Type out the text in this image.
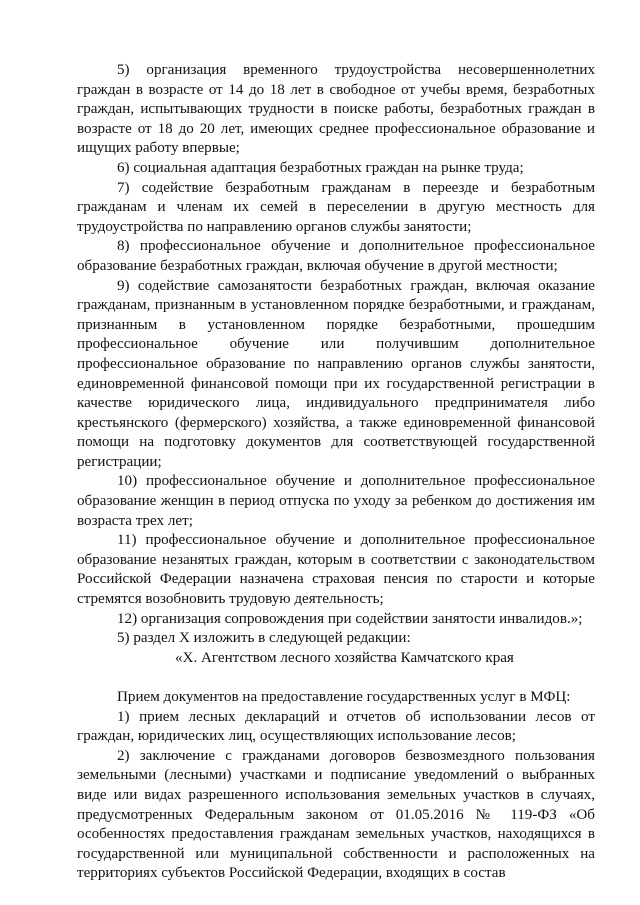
5) организация временного трудоустройства несовершеннолетних граждан в возрасте от 14 до 18 лет в свободное от учебы время, безработных граждан, испытывающих трудности в поиске работы, безработных граждан в возрасте от 18 до 20 лет, имеющих среднее профессиональное образование и ищущих работу впервые;

6) социальная адаптация безработных граждан на рынке труда;

7) содействие безработным гражданам в переезде и безработным гражданам и членам их семей в переселении в другую местность для трудоустройства по направлению органов службы занятости;

8) профессиональное обучение и дополнительное профессиональное образование безработных граждан, включая обучение в другой местности;

9) содействие самозанятости безработных граждан, включая оказание гражданам, признанным в установленном порядке безработными, и гражданам, признанным в установленном порядке безработными, прошедшим профессиональное обучение или получившим дополнительное профессиональное образование по направлению органов службы занятости, единовременной финансовой помощи при их государственной регистрации в качестве юридического лица, индивидуального предпринимателя либо крестьянского (фермерского) хозяйства, а также единовременной финансовой помощи на подготовку документов для соответствующей государственной регистрации;

10) профессиональное обучение и дополнительное профессиональное образование женщин в период отпуска по уходу за ребенком до достижения им возраста трех лет;

11) профессиональное обучение и дополнительное профессиональное образование незанятых граждан, которым в соответствии с законодательством Российской Федерации назначена страховая пенсия по старости и которые стремятся возобновить трудовую деятельность;

12) организация сопровождения при содействии занятости инвалидов.»;

5) раздел X изложить в следующей редакции:

«X. Агентством лесного хозяйства Камчатского края

Прием документов на предоставление государственных услуг в МФЦ:

1) прием лесных деклараций и отчетов об использовании лесов от граждан, юридических лиц, осуществляющих использование лесов;

2) заключение с гражданами договоров безвозмездного пользования земельными (лесными) участками и подписание уведомлений о выбранных виде или видах разрешенного использования земельных участков в случаях, предусмотренных Федеральным законом от 01.05.2016 № 119-ФЗ «Об особенностях предоставления гражданам земельных участков, находящихся в государственной или муниципальной собственности и расположенных на территориях субъектов Российской Федерации, входящих в состав
